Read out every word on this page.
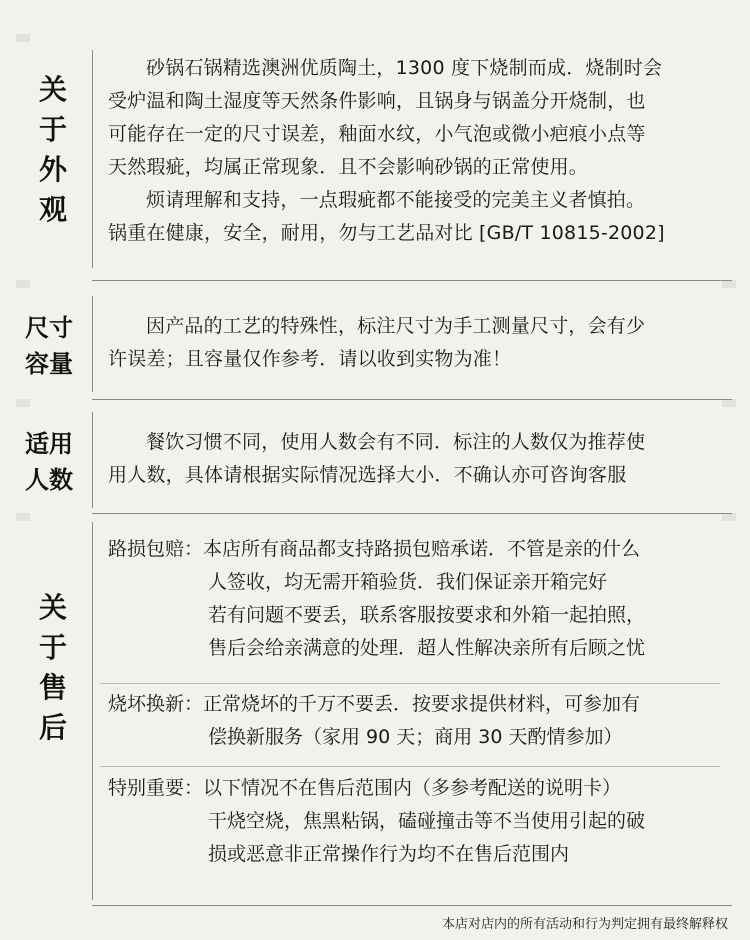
关
于
外
观

砂锅石锅精选澳洲优质陶土，1300 度下烧制而成．烧制时会

受炉温和陶土湿度等天然条件影响，且锅身与锅盖分开烧制，也

可能存在一定的尺寸误差，釉面水纹，小气泡或微小疤痕小点等

天然瑕疵，均属正常现象．且不会影响砂锅的正常使用。

烦请理解和支持，一点瑕疵都不能接受的完美主义者慎拍。

锅重在健康，安全，耐用，勿与工艺品对比 [GB/T 10815-2002]

尺寸
容量

因产品的工艺的特殊性，标注尺寸为手工测量尺寸，会有少

许误差；且容量仅作参考．请以收到实物为准！

适用
人数

餐饮习惯不同，使用人数会有不同．标注的人数仅为推荐使

用人数，具体请根据实际情况选择大小．不确认亦可咨询客服

关
于
售
后
路损包赔： 本店所有商品都支持路损包赔承诺．不管是亲的什么
人签收，均无需开箱验货．我们保证亲开箱完好
若有问题不要丢，联系客服按要求和外箱一起拍照，
售后会给亲满意的处理．超人性解决亲所有后顾之忧
烧坏换新： 正常烧坏的千万不要丢．按要求提供材料，可参加有
偿换新服务（家用 90 天；商用 30 天酌情参加）
特别重要： 以下情况不在售后范围内（多参考配送的说明卡）
干烧空烧，焦黑粘锅，磕碰撞击等不当使用引起的破
损或恶意非正常操作行为均不在售后范围内
本店对店内的所有活动和行为判定拥有最终解释权
